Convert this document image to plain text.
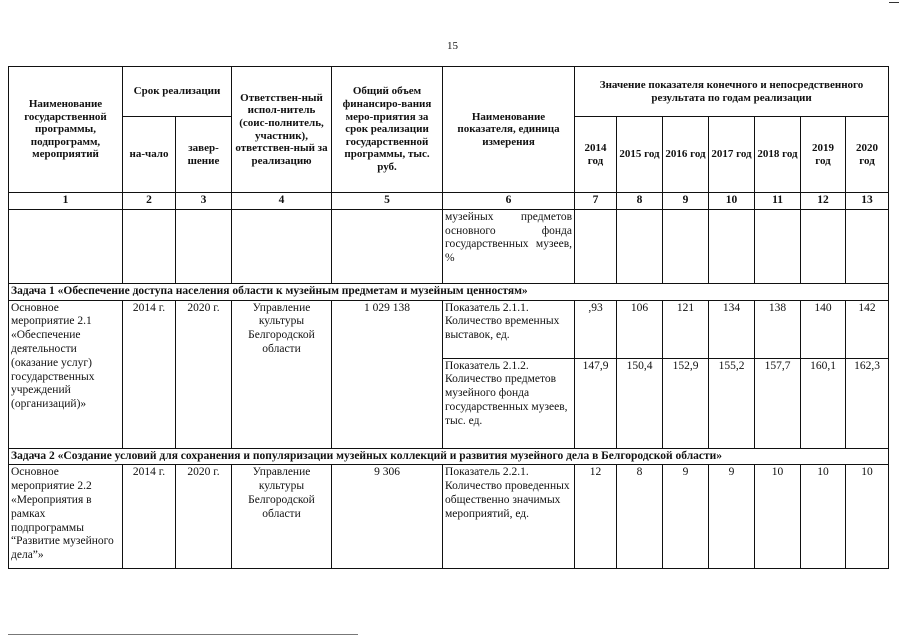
15
Наименование государственной программы, подпрограмм, мероприятий	Срок реализации		Ответствен-ный испол-нитель (соис-полнитель, участник), ответствен-ный за реализацию	Общий объем финансиро-вания меро-приятия за срок реализации государственной программы, тыс. руб.	Наименование показателя, единица измерения	Значение показателя конечного и непосредственного результата по годам реализации						
	на-чало	завер-шение				2014 год	2015 год	2016 год	2017 год	2018 год	2019 год	2020 год
1	2	3	4	5	6	7	8	9	10	11	12	13
					музейных предметов основного фонда государственных музеев, %							
Задача 1 «Обеспечение доступа населения области к музейным предметам и музейным ценностям»												
Основное мероприятие 2.1 «Обеспечение деятельности (оказание услуг) государственных учреждений (организаций)»	2014 г.	2020 г.	Управление культуры Белгородской области	1 029 138	Показатель 2.1.1. Количество временных выставок, ед.	,93	106	121	134	138	140	142
					Показатель 2.1.2. Количество предметов музейного фонда государственных музеев, тыс. ед.	147,9	150,4	152,9	155,2	157,7	160,1	162,3
Задача 2 «Создание условий для сохранения и популяризации музейных коллекций и развития музейного дела в Белгородской области»												
Основное мероприятие 2.2 «Мероприятия в рамках подпрограммы “Развитие музейного дела”»	2014 г.	2020 г.	Управление культуры Белгородской области	9 306	Показатель 2.2.1. Количество проведенных общественно значимых мероприятий, ед.	12	8	9	9	10	10	10
